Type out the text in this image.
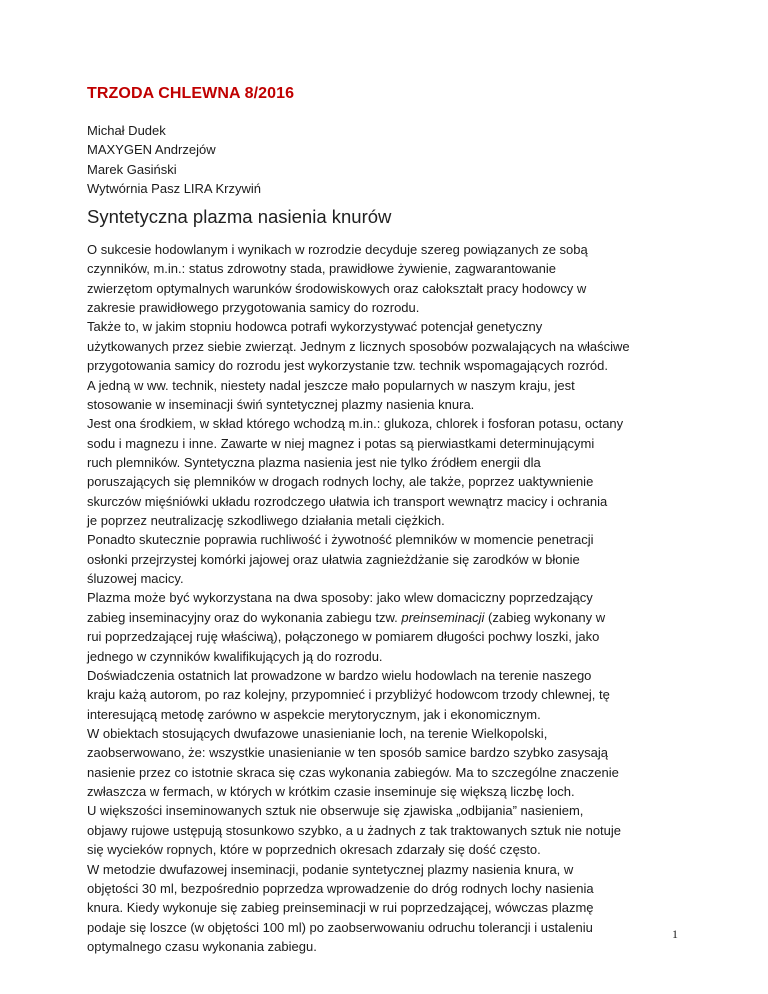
TRZODA CHLEWNA 8/2016
Michał Dudek
MAXYGEN Andrzejów
Marek Gasiński
Wytwórnia Pasz LIRA Krzywiń
Syntetyczna plazma nasienia knurów
O sukcesie hodowlanym i wynikach w rozrodzie decyduje szereg powiązanych ze sobą
czynników, m.in.: status zdrowotny stada, prawidłowe żywienie, zagwarantowanie
zwierzętom optymalnych warunków środowiskowych oraz całokształt pracy hodowcy w
zakresie prawidłowego przygotowania samicy do rozrodu.
Także to, w jakim stopniu hodowca potrafi wykorzystywać potencjał genetyczny
użytkowanych przez siebie zwierząt. Jednym z licznych sposobów pozwalających na właściwe
przygotowania samicy do rozrodu jest wykorzystanie tzw. technik wspomagających rozród.
A jedną w ww. technik, niestety nadal jeszcze mało popularnych w naszym kraju, jest
stosowanie w inseminacji świń syntetycznej plazmy nasienia knura.
Jest ona środkiem, w skład którego wchodzą m.in.: glukoza, chlorek i fosforan potasu, octany
sodu i magnezu i inne. Zawarte w niej magnez i potas są pierwiastkami determinującymi
ruch plemników. Syntetyczna plazma nasienia jest nie tylko źródłem energii dla
poruszających się plemników w drogach rodnych lochy, ale także, poprzez uaktywnienie
skurczów mięśniówki układu rozrodczego ułatwia ich transport wewnątrz macicy i ochrania
je poprzez neutralizację szkodliwego działania metali ciężkich.
Ponadto skutecznie poprawia ruchliwość i żywotność plemników w momencie penetracji
osłonki przejrzystej komórki jajowej oraz ułatwia zagnieżdżanie się zarodków w błonie
śluzowej macicy.
Plazma może być wykorzystana na dwa sposoby: jako wlew domaciczny poprzedzający
zabieg inseminacyjny oraz do wykonania zabiegu tzw. preinseminacji (zabieg wykonany w
rui poprzedzającej ruję właściwą), połączonego w pomiarem długości pochwy loszki, jako
jednego w czynników kwalifikujących ją do rozrodu.
Doświadczenia ostatnich lat prowadzone w bardzo wielu hodowlach na terenie naszego
kraju każą autorom, po raz kolejny, przypomnieć i przybliżyć hodowcom trzody chlewnej, tę
interesującą metodę zarówno w aspekcie merytorycznym, jak i ekonomicznym.
W obiektach stosujących dwufazowe unasienianie loch, na terenie Wielkopolski,
zaobserwowano, że: wszystkie unasienianie w ten sposób samice bardzo szybko zasysają
nasienie przez co istotnie skraca się czas wykonania zabiegów. Ma to szczególne znaczenie
zwłaszcza w fermach, w których w krótkim czasie inseminuje się większą liczbę loch.
U większości inseminowanych sztuk nie obserwuje się zjawiska „odbijania” nasieniem,
objawy rujowe ustępują stosunkowo szybko, a u żadnych z tak traktowanych sztuk nie notuje
się wycieków ropnych, które w poprzednich okresach zdarzały się dość często.
W metodzie dwufazowej inseminacji, podanie syntetycznej plazmy nasienia knura, w
objętości 30 ml, bezpośrednio poprzedza wprowadzenie do dróg rodnych lochy nasienia
knura. Kiedy wykonuje się zabieg preinseminacji w rui poprzedzającej, wówczas plazmę
podaje się loszce (w objętości 100 ml) po zaobserwowaniu odruchu tolerancji i ustaleniu
optymalnego czasu wykonania zabiegu.
1
